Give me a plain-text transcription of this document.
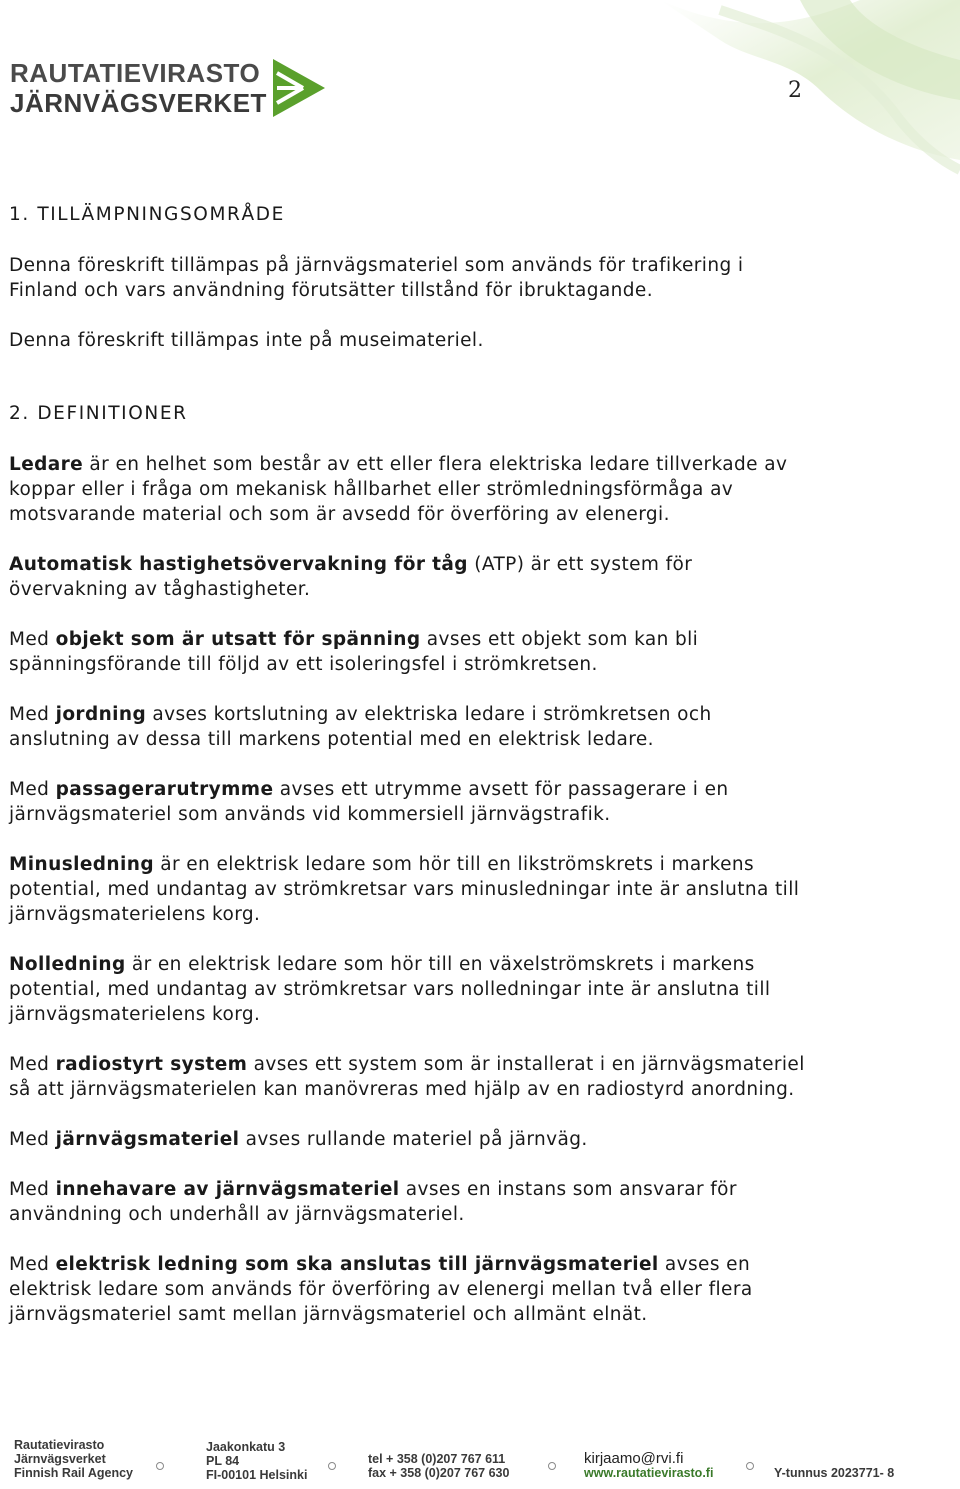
RAUTATIEVIRASTO
JÄRNVÄGSVERKET	2
1. TILLÄMPNINGSOMRÅDE

Denna föreskrift tillämpas på järnvägsmateriel som används för trafikering i Finland och vars användning förutsätter tillstånd för ibruktagande.

Denna föreskrift tillämpas inte på museimateriel.

2. DEFINITIONER

Ledare är en helhet som består av ett eller flera elektriska ledare tillverkade av koppar eller i fråga om mekanisk hållbarhet eller strömledningsförmåga av motsvarande material och som är avsedd för överföring av elenergi.

Automatisk hastighetsövervakning för tåg (ATP) är ett system för övervakning av tåghastigheter.

Med objekt som är utsatt för spänning avses ett objekt som kan bli spänningsförande till följd av ett isoleringsfel i strömkretsen.

Med jordning avses kortslutning av elektriska ledare i strömkretsen och anslutning av dessa till markens potential med en elektrisk ledare.

Med passagerarutrymme avses ett utrymme avsett för passagerare i en järnvägsmateriel som används vid kommersiell järnvägstrafik.

Minusledning är en elektrisk ledare som hör till en likströmskrets i markens potential, med undantag av strömkretsar vars minusledningar inte är anslutna till järnvägsmaterielens korg.

Nolledning är en elektrisk ledare som hör till en växelströmskrets i markens potential, med undantag av strömkretsar vars nolledningar inte är anslutna till järnvägsmaterielens korg.

Med radiostyrt system avses ett system som är installerat i en järnvägsmateriel så att järnvägsmaterielen kan manövreras med hjälp av en radiostyrd anordning.

Med järnvägsmateriel avses rullande materiel på järnväg.

Med innehavare av järnvägsmateriel avses en instans som ansvarar för användning och underhåll av järnvägsmateriel.

Med elektrisk ledning som ska anslutas till järnvägsmateriel avses en elektrisk ledare som används för överföring av elenergi mellan två eller flera järnvägsmateriel samt mellan järnvägsmateriel och allmänt elnät.

Rautatievirasto
Järnvägsverket
Finnish Rail Agency
Jaakonkatu 3
PL 84
FI-00101 Helsinki
tel + 358 (0)207 767 611
fax + 358 (0)207 767 630
kirjaamo@rvi.fi
www.rautatievirasto.fi	Y-tunnus 2023771- 8
